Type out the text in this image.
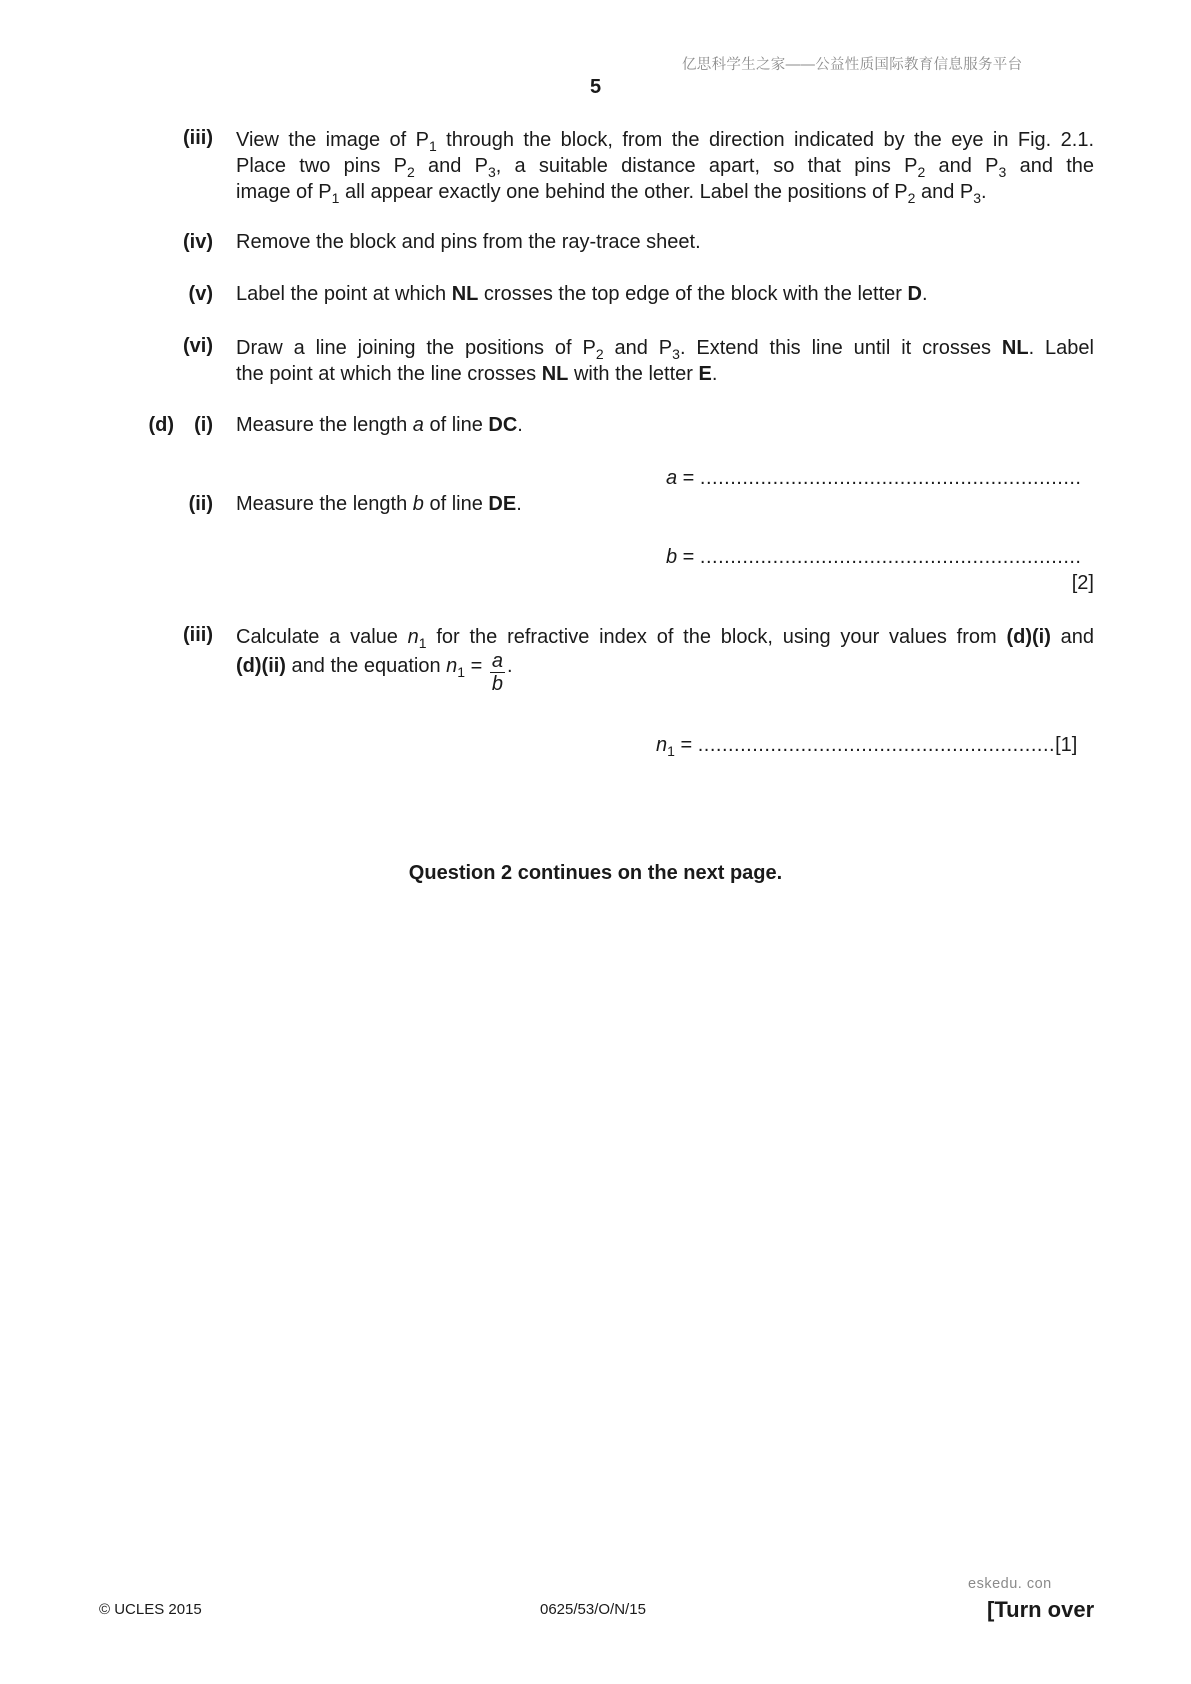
亿思科学生之家——公益性质国际教育信息服务平台
5
(iii) View the image of $P_1$ through the block, from the direction indicated by the eye in Fig. 2.1.
Place two pins $P_2$ and $P_3$, a suitable distance apart, so that pins $P_2$ and $P_3$ and the
image of $P_1$ all appear exactly one behind the other. Label the positions of $P_2$ and $P_3$.
(iv) Remove the block and pins from the ray-trace sheet.
(v) Label the point at which NL crosses the top edge of the block with the letter D.
(vi) Draw a line joining the positions of $P_2$ and $P_3$. Extend this line until it crosses NL. Label
the point at which the line crosses NL with the letter E.
(d)	(i) Measure the length a of line DC.
a = ...............................................................
(ii) Measure the length b of line DE.
b = ...............................................................
[2]
(iii) Calculate a value $n_1$ for the refractive index of the block, using your values from (d)(i) and
(d)(ii) and the equation $n_1 = \frac{a}{b}$ .
$n_1 = ...........................................................[1]$
Question 2 continues on the next page.
eskedu. con
© UCLES 2015	0625/53/O/N/15	[Turn over
